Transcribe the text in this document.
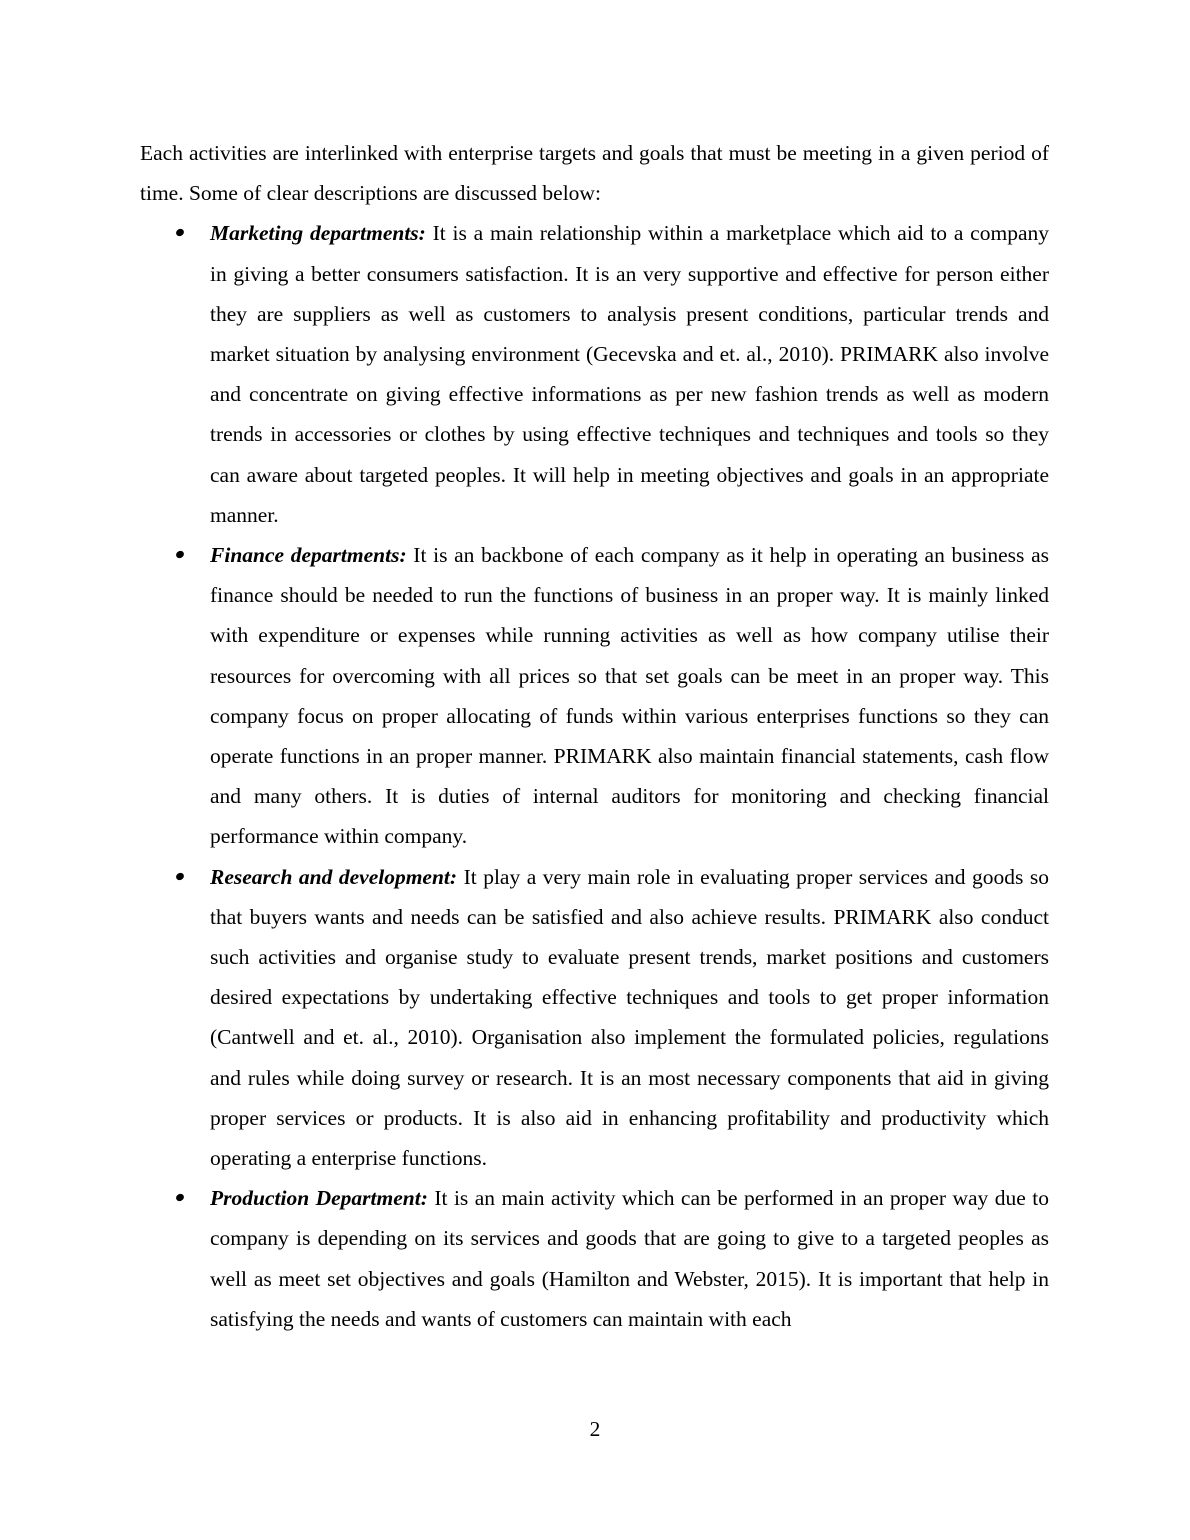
Each activities are interlinked with enterprise targets and goals that must be meeting in a given period of time. Some of clear descriptions are discussed below:

Marketing departments: It is a main relationship within a marketplace which aid to a company in giving a better consumers satisfaction. It is an very supportive and effective for person either they are suppliers as well as customers to analysis present conditions, particular trends and market situation by analysing environment (Gecevska and et. al., 2010). PRIMARK also involve and concentrate on giving effective informations as per new fashion trends as well as modern trends in accessories or clothes by using effective techniques and techniques and tools so they can aware about targeted peoples. It will help in meeting objectives and goals in an appropriate manner.
Finance departments: It is an backbone of each company as it help in operating an business as finance should be needed to run the functions of business in an proper way. It is mainly linked with expenditure or expenses while running activities as well as how company utilise their resources for overcoming with all prices so that set goals can be meet in an proper way. This company focus on proper allocating of funds within various enterprises functions so they can operate functions in an proper manner. PRIMARK also maintain financial statements, cash flow and many others. It is duties of internal auditors for monitoring and checking financial performance within company.
Research and development: It play a very main role in evaluating proper services and goods so that buyers wants and needs can be satisfied and also achieve results. PRIMARK also conduct such activities and organise study to evaluate present trends, market positions and customers desired expectations by undertaking effective techniques and tools to get proper information (Cantwell and et. al., 2010). Organisation also implement the formulated policies, regulations and rules while doing survey or research. It is an most necessary components that aid in giving proper services or products. It is also aid in enhancing profitability and productivity which operating a enterprise functions.
Production Department: It is an main activity which can be performed in an proper way due to company is depending on its services and goods that are going to give to a targeted peoples as well as meet set objectives and goals (Hamilton and Webster, 2015). It is important that help in satisfying the needs and wants of customers can maintain with each
2
